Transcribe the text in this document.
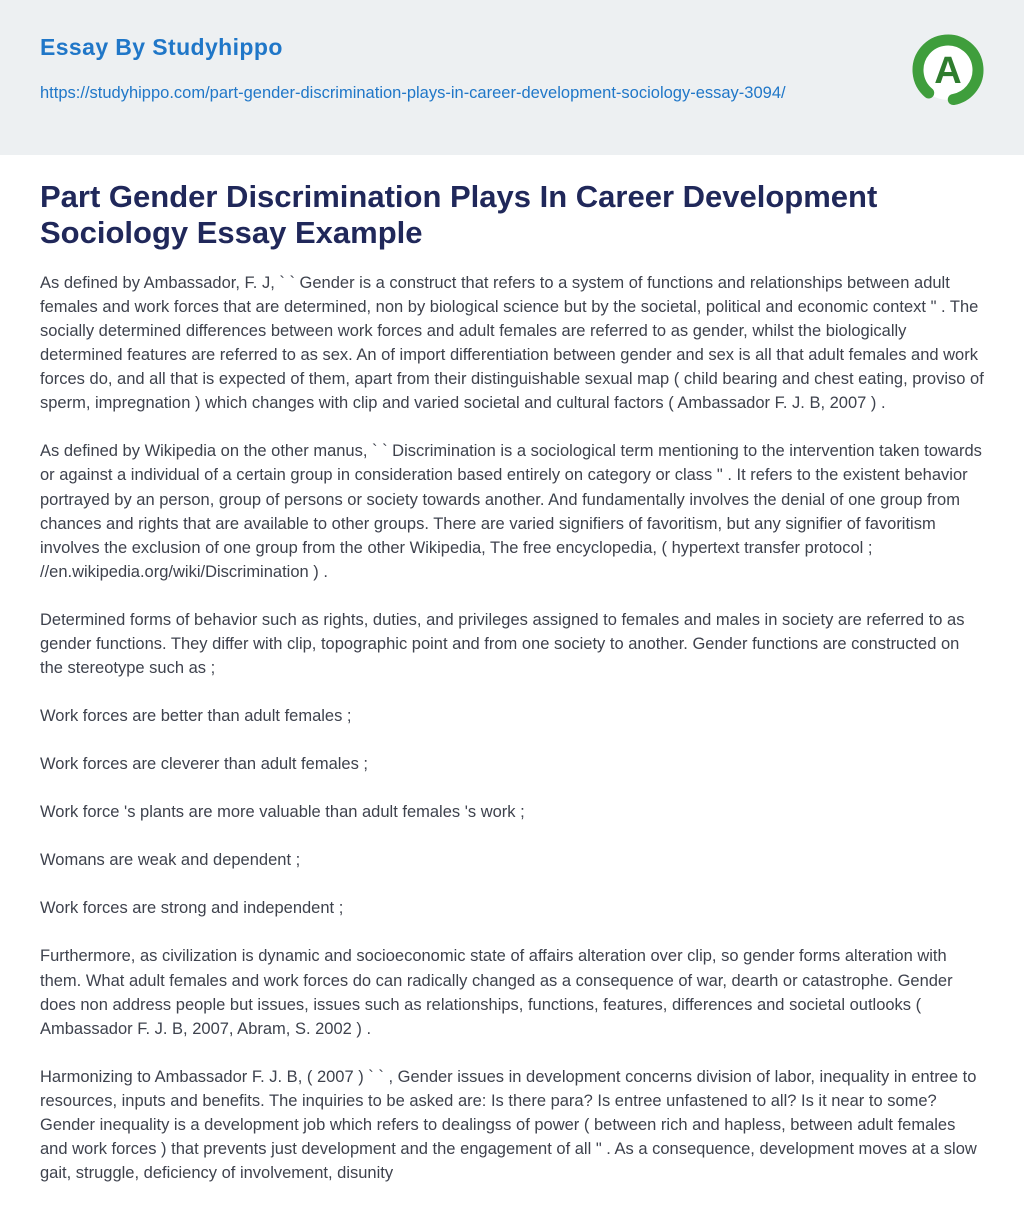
Essay By Studyhippo
https://studyhippo.com/part-gender-discrimination-plays-in-career-development-sociology-essay-3094/
A
Part Gender Discrimination Plays In Career Development Sociology Essay Example

As defined by Ambassador, F. J, ` ` Gender is a construct that refers to a system of functions and relationships between adult females and work forces that are determined, non by biological science but by the societal, political and economic context " . The socially determined differences between work forces and adult females are referred to as gender, whilst the biologically determined features are referred to as sex. An of import differentiation between gender and sex is all that adult females and work forces do, and all that is expected of them, apart from their distinguishable sexual map ( child bearing and chest eating, proviso of sperm, impregnation ) which changes with clip and varied societal and cultural factors ( Ambassador F. J. B, 2007 ) .

As defined by Wikipedia on the other manus, ` ` Discrimination is a sociological term mentioning to the intervention taken towards or against a individual of a certain group in consideration based entirely on category or class " . It refers to the existent behavior portrayed by an person, group of persons or society towards another. And fundamentally involves the denial of one group from chances and rights that are available to other groups. There are varied signifiers of favoritism, but any signifier of favoritism involves the exclusion of one group from the other Wikipedia, The free encyclopedia, ( hypertext transfer protocol ; //en.wikipedia.org/wiki/Discrimination ) .

Determined forms of behavior such as rights, duties, and privileges assigned to females and males in society are referred to as gender functions. They differ with clip, topographic point and from one society to another. Gender functions are constructed on the stereotype such as ;

Work forces are better than adult females ;

Work forces are cleverer than adult females ;

Work force 's plants are more valuable than adult females 's work ;

Womans are weak and dependent ;

Work forces are strong and independent ;

Furthermore, as civilization is dynamic and socioeconomic state of affairs alteration over clip, so gender forms alteration with them. What adult females and work forces do can radically changed as a consequence of war, dearth or catastrophe. Gender does non address people but issues, issues such as relationships, functions, features, differences and societal outlooks ( Ambassador F. J. B, 2007, Abram, S. 2002 ) .

Harmonizing to Ambassador F. J. B, ( 2007 ) ` ` , Gender issues in development concerns division of labor, inequality in entree to resources, inputs and benefits. The inquiries to be asked are: Is there para? Is entree unfastened to all? Is it near to some? Gender inequality is a development job which refers to dealingss of power ( between rich and hapless, between adult females and work forces ) that prevents just development and the engagement of all " . As a consequence, development moves at a slow gait, struggle, deficiency of involvement, disunity
